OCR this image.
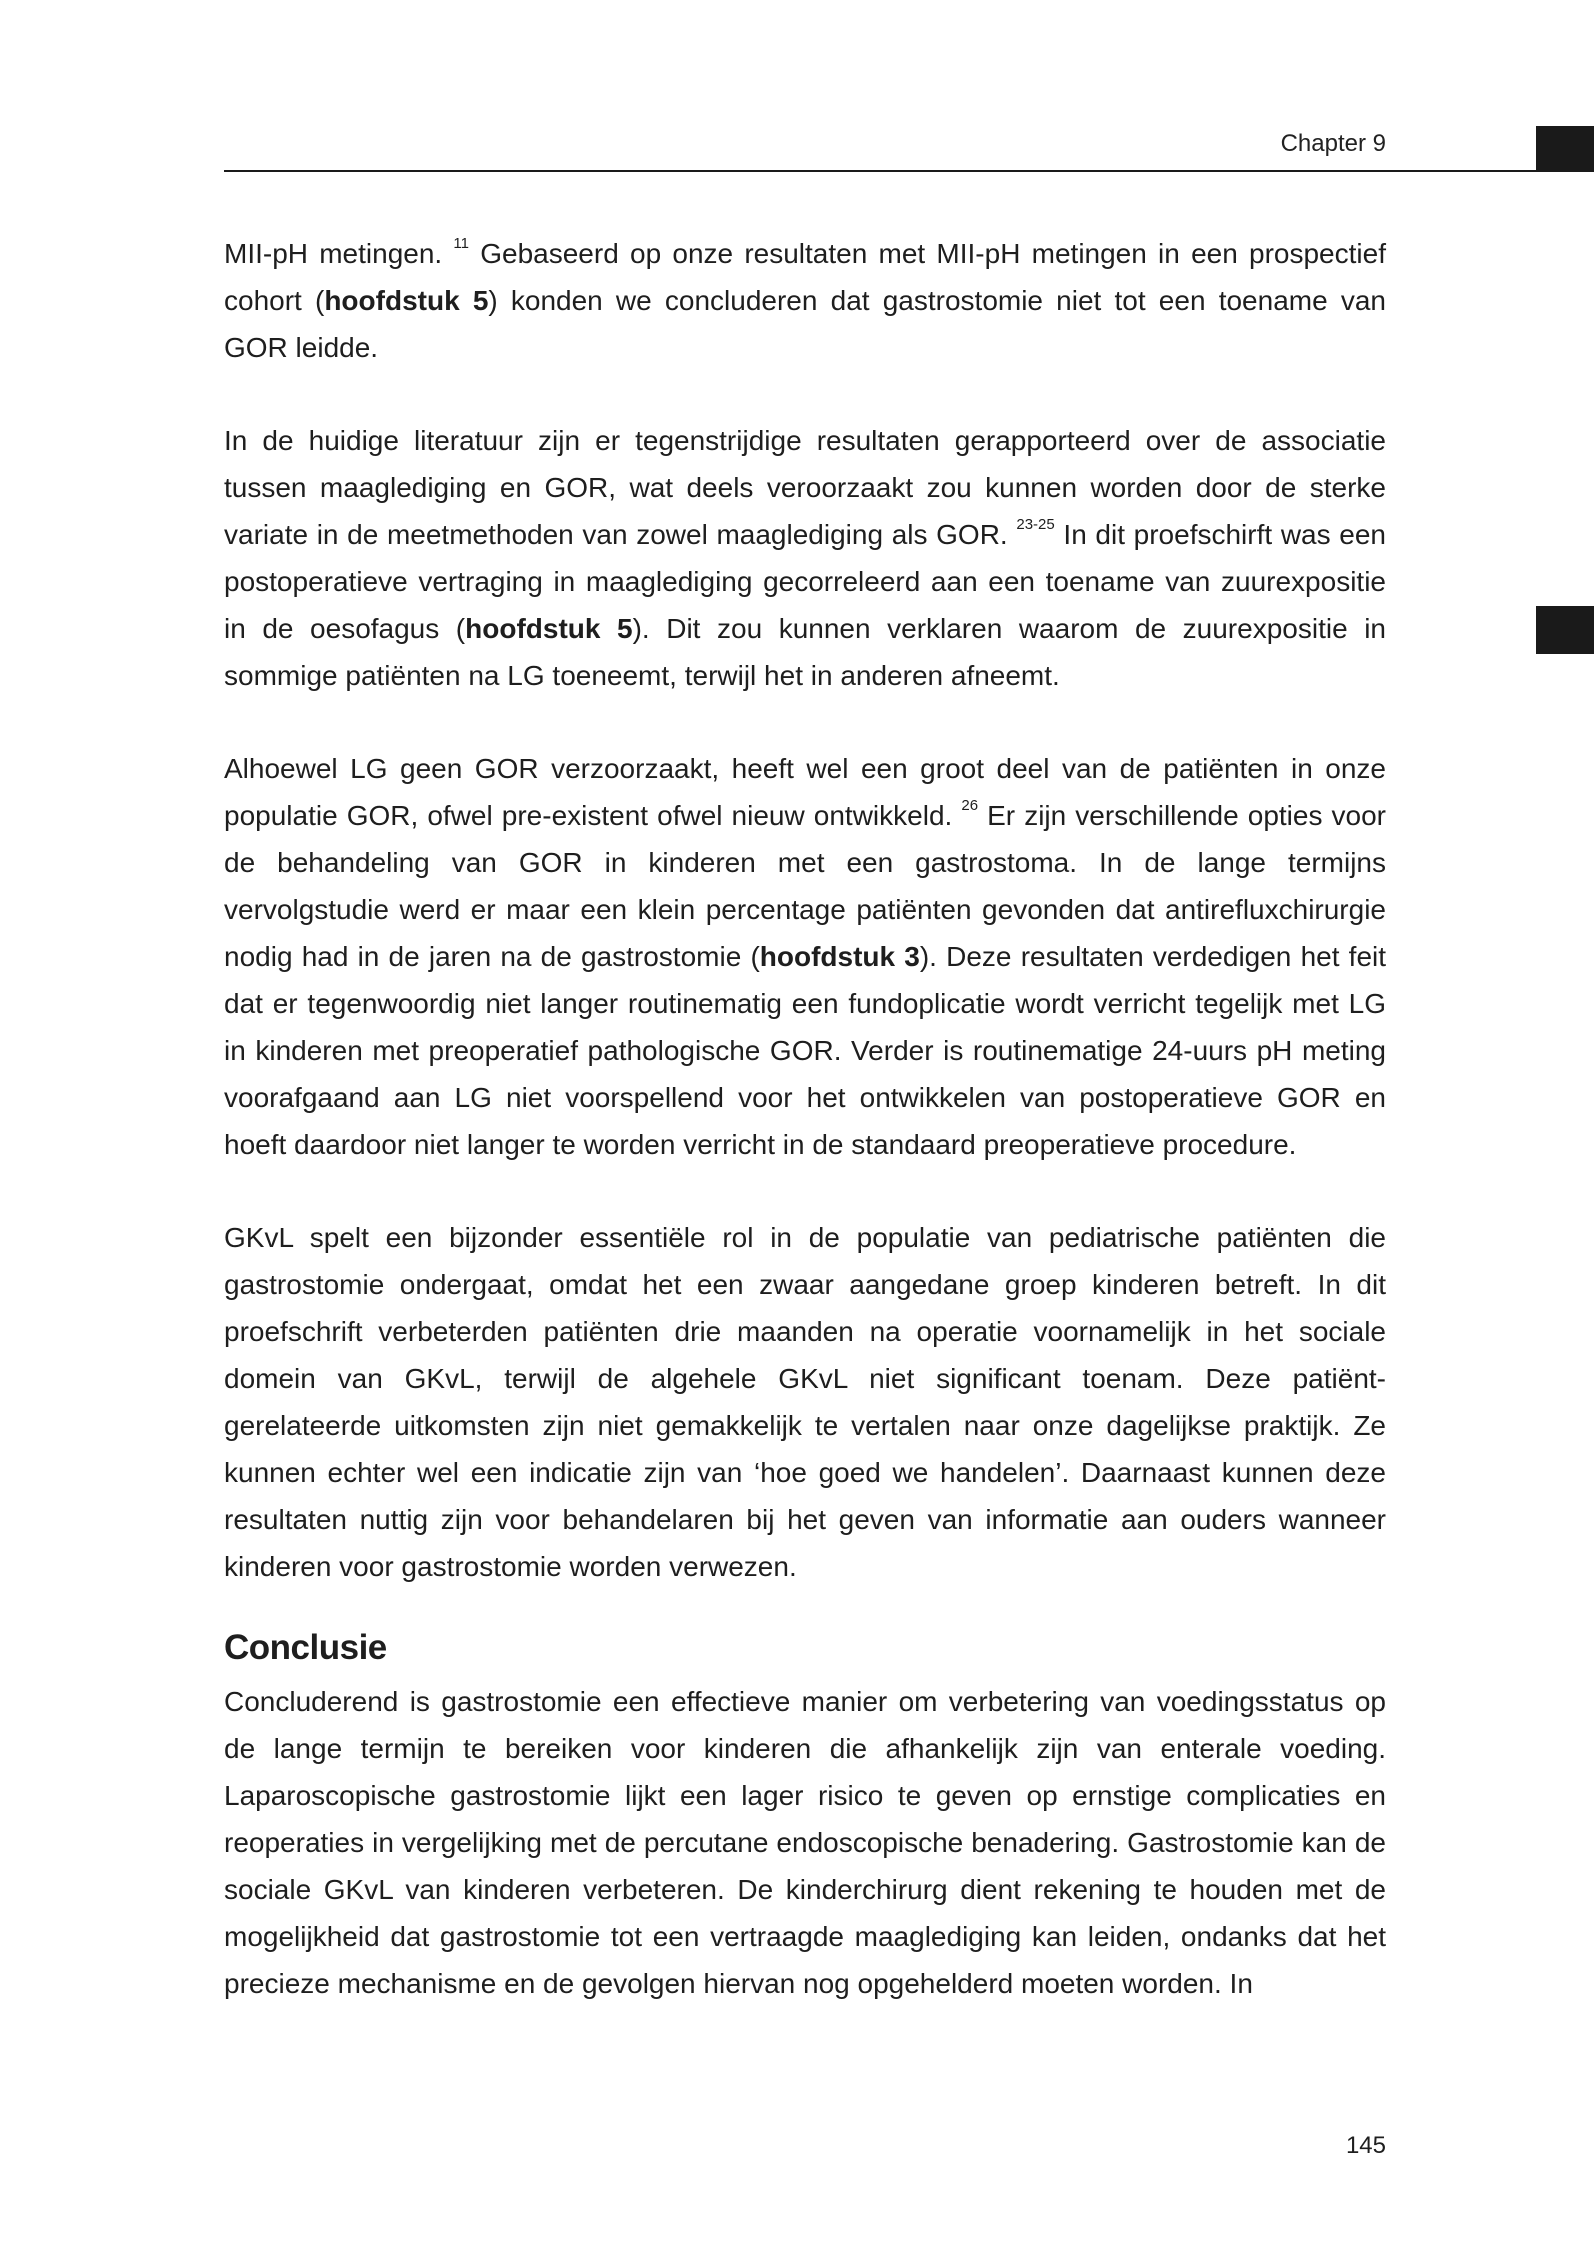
Chapter 9

MII-pH metingen. $^{11}$ Gebaseerd op onze resultaten met MII-pH metingen in een prospectief cohort (hoofdstuk 5) konden we concluderen dat gastrostomie niet tot een toename van GOR leidde.

In de huidige literatuur zijn er tegenstrijdige resultaten gerapporteerd over de associatie tussen maaglediging en GOR, wat deels veroorzaakt zou kunnen worden door de sterke variate in de meetmethoden van zowel maaglediging als GOR. $^{23-25}$ In dit proefschirft was een postoperatieve vertraging in maaglediging gecorreleerd aan een toename van zuurexpositie in de oesofagus (hoofdstuk 5). Dit zou kunnen verklaren waarom de zuurexpositie in sommige patiënten na LG toeneemt, terwijl het in anderen afneemt.

Alhoewel LG geen GOR verzoorzaakt, heeft wel een groot deel van de patiënten in onze populatie GOR, ofwel pre-existent ofwel nieuw ontwikkeld. $^{26}$ Er zijn verschillende opties voor de behandeling van GOR in kinderen met een gastrostoma. In de lange termijns vervolgstudie werd er maar een klein percentage patiënten gevonden dat antirefluxchirurgie nodig had in de jaren na de gastrostomie (hoofdstuk 3). Deze resultaten verdedigen het feit dat er tegenwoordig niet langer routinematig een fundoplicatie wordt verricht tegelijk met LG in kinderen met preoperatief pathologische GOR. Verder is routinematige 24-uurs pH meting voorafgaand aan LG niet voorspellend voor het ontwikkelen van postoperatieve GOR en hoeft daardoor niet langer te worden verricht in de standaard preoperatieve procedure.

GKvL spelt een bijzonder essentiële rol in de populatie van pediatrische patiënten die gastrostomie ondergaat, omdat het een zwaar aangedane groep kinderen betreft. In dit proefschrift verbeterden patiënten drie maanden na operatie voornamelijk in het sociale domein van GKvL, terwijl de algehele GKvL niet significant toenam. Deze patiënt-gerelateerde uitkomsten zijn niet gemakkelijk te vertalen naar onze dagelijkse praktijk. Ze kunnen echter wel een indicatie zijn van ‘hoe goed we handelen’. Daarnaast kunnen deze resultaten nuttig zijn voor behandelaren bij het geven van informatie aan ouders wanneer kinderen voor gastrostomie worden verwezen.

Conclusie

Concluderend is gastrostomie een effectieve manier om verbetering van voedingsstatus op de lange termijn te bereiken voor kinderen die afhankelijk zijn van enterale voeding. Laparoscopische gastrostomie lijkt een lager risico te geven op ernstige complicaties en reoperaties in vergelijking met de percutane endoscopische benadering. Gastrostomie kan de sociale GKvL van kinderen verbeteren. De kinderchirurg dient rekening te houden met de mogelijkheid dat gastrostomie tot een vertraagde maaglediging kan leiden, ondanks dat het precieze mechanisme en de gevolgen hiervan nog opgehelderd moeten worden. In

145
